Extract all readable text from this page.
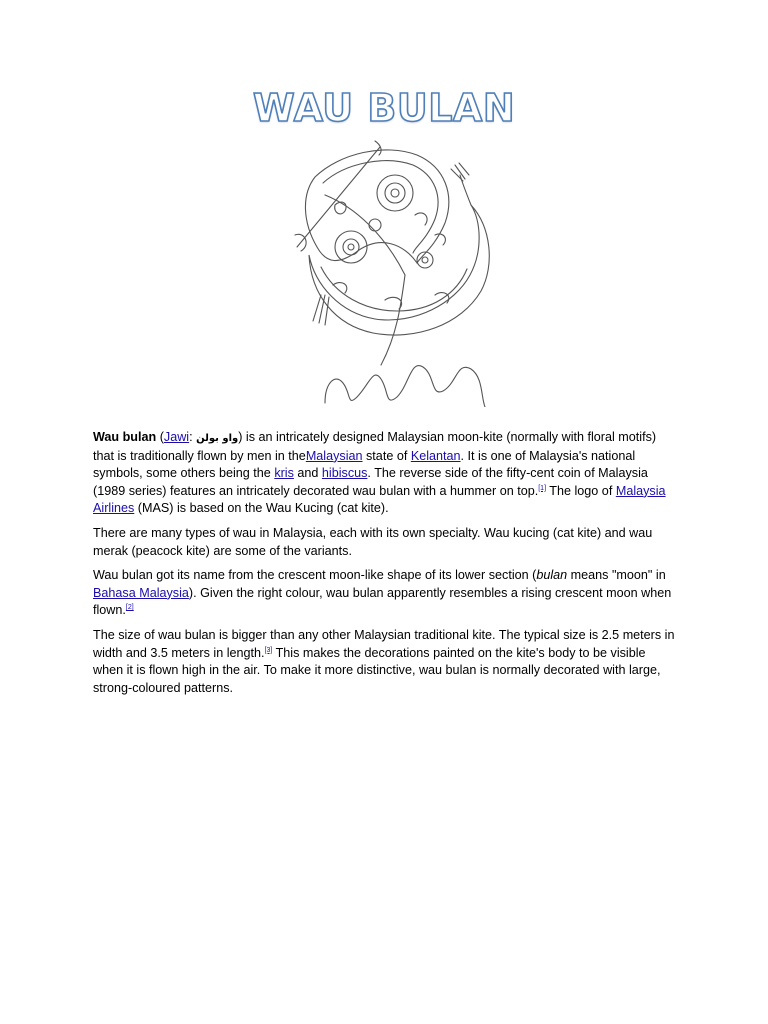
WAU BULAN

Wau bulan (Jawi: واو بولن) is an intricately designed Malaysian moon-kite (normally with floral motifs) that is traditionally flown by men in theMalaysian state of Kelantan. It is one of Malaysia's national symbols, some others being the kris and hibiscus. The reverse side of the fifty-cent coin of Malaysia (1989 series) features an intricately decorated wau bulan with a hummer on top.[1] The logo of Malaysia Airlines (MAS) is based on the Wau Kucing (cat kite).

There are many types of wau in Malaysia, each with its own specialty. Wau kucing (cat kite) and wau merak (peacock kite) are some of the variants.

Wau bulan got its name from the crescent moon-like shape of its lower section (bulan means "moon" in Bahasa Malaysia). Given the right colour, wau bulan apparently resembles a rising crescent moon when flown.[2]

The size of wau bulan is bigger than any other Malaysian traditional kite. The typical size is 2.5 meters in width and 3.5 meters in length.[3] This makes the decorations painted on the kite's body to be visible when it is flown high in the air. To make it more distinctive, wau bulan is normally decorated with large, strong-coloured patterns.
